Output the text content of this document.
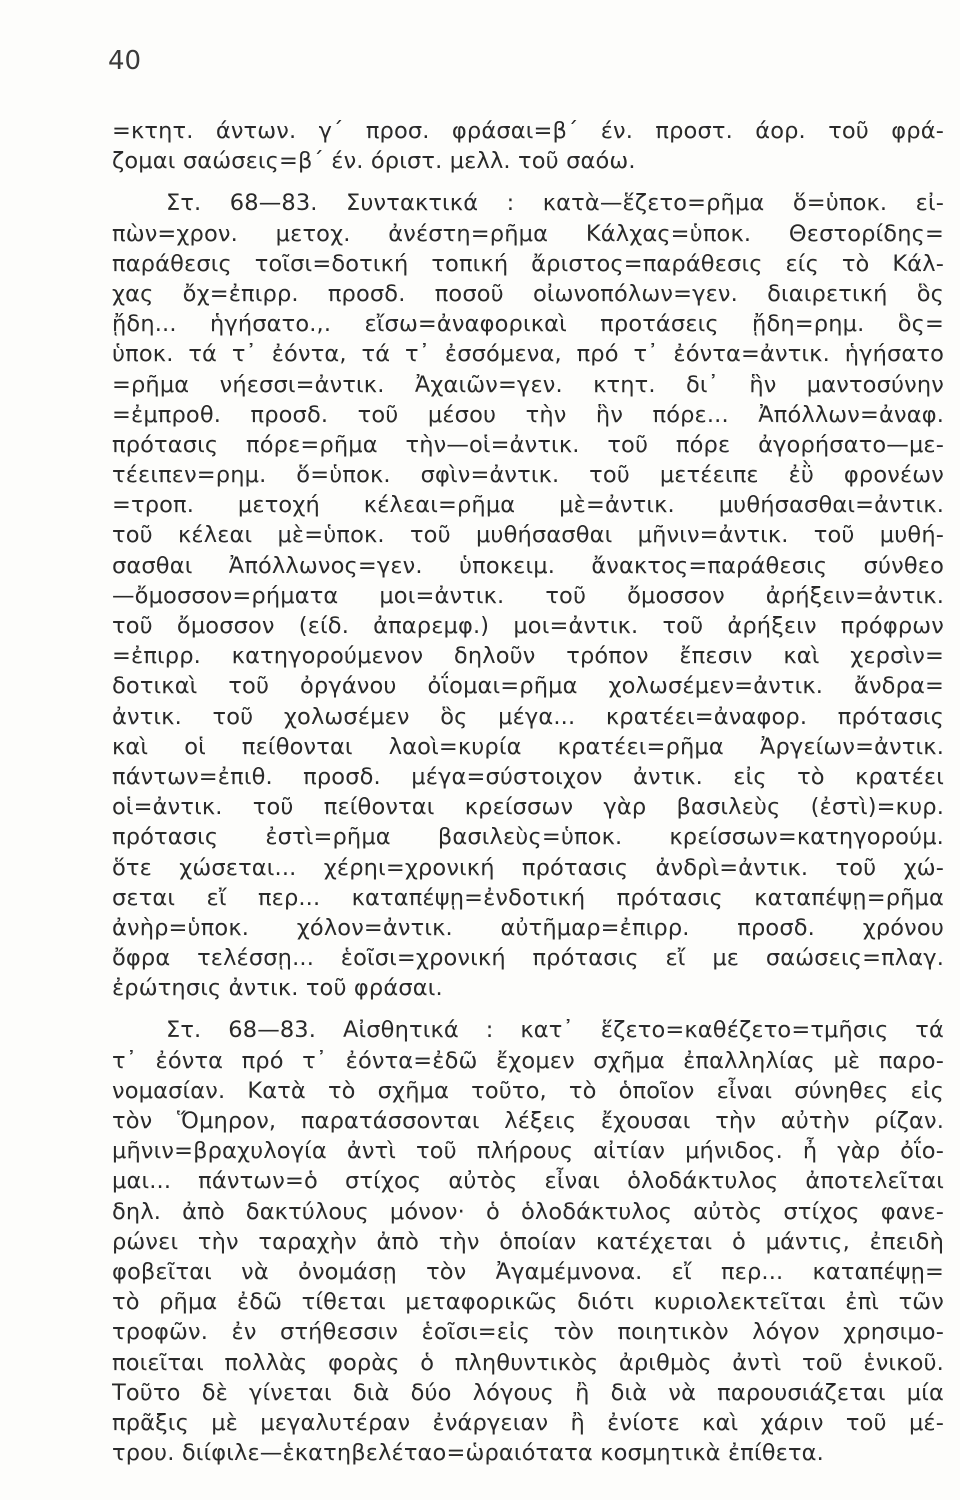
40
=κτητ. άντων. γ΄ προσ. φράσαι=β΄ έν. προστ. άορ. τοῦ φρά-
ζομαι σαώσεις=β΄ έν. όριστ. μελλ. τοῦ σαόω.
Στ. 68—83. Συντακτικά : κατὰ—ἕζετο=ρῆμα ὅ=ὑποκ. εἰ-
πὼν=χρον. μετοχ. ἀνέστη=ρῆμα Κάλχας=ὑποκ. Θεστορίδης=
παράθεσις τοῖσι=δοτική τοπική ἄριστος=παράθεσις είς τὸ Κάλ-
χας ὄχ=ἐπιρρ. προσδ. ποσοῦ οἰωνοπόλων=γεν. διαιρετική ὃς
ᾔδη... ἡγήσατο.,. εἴσω=ἀναφορικαὶ προτάσεις ᾔδη=ρημ. ὃς=
ὑποκ. τά τ᾽ ἐόντα, τά τ᾽ ἐσσόμενα, πρό τ᾽ ἐόντα=ἀντικ. ἡγήσατο
=ρῆμα νήεσσι=ἀντικ. Ἀχαιῶν=γεν. κτητ. δι᾽ ἣν μαντοσύνην
=ἐμπροθ. προσδ. τοῦ μέσου τὴν ἣν πόρε... Ἀπόλλων=ἀναφ.
πρότασις πόρε=ρῆμα τὴν—οἱ=ἀντικ. τοῦ πόρε ἀγορήσατο—με-
τέειπεν=ρημ. ὅ=ὑποκ. σφὶν=ἀντικ. τοῦ μετέειπε ἐῢ φρονέων
=τροπ. μετοχή κέλεαι=ρῆμα μὲ=ἀντικ. μυθήσασθαι=ἀντικ.
τοῦ κέλεαι μὲ=ὑποκ. τοῦ μυθήσασθαι μῆνιν=ἀντικ. τοῦ μυθή-
σασθαι Ἀπόλλωνος=γεν. ὑποκειμ. ἄνακτος=παράθεσις σύνθεο
—ὄμοσσον=ρήματα μοι=ἀντικ. τοῦ ὄμοσσον ἀρήξειν=ἀντικ.
τοῦ ὄμοσσον (είδ. ἀπαρεμφ.) μοι=ἀντικ. τοῦ ἀρήξειν πρόφρων
=ἐπιρρ. κατηγορούμενον δηλοῦν τρόπον ἔπεσιν καὶ χερσὶν=
δοτικαὶ τοῦ ὀργάνου ὀΐομαι=ρῆμα χολωσέμεν=ἀντικ. ἄνδρα=
ἀντικ. τοῦ χολωσέμεν ὃς μέγα... κρατέει=ἀναφορ. πρότασις
καὶ οἱ πείθονται λαοὶ=κυρία κρατέει=ρῆμα Ἀργείων=ἀντικ.
πάντων=ἐπιθ. προσδ. μέγα=σύστοιχον ἀντικ. εἰς τὸ κρατέει
οἱ=ἀντικ. τοῦ πείθονται κρείσσων γὰρ βασιλεὺς (ἐστὶ)=κυρ.
πρότασις ἐστὶ=ρῆμα βασιλεὺς=ὑποκ. κρείσσων=κατηγορούμ.
ὅτε χώσεται... χέρηι=χρονική πρότασις ἀνδρὶ=ἀντικ. τοῦ χώ-
σεται εἴ περ... καταπέψῃ=ἐνδοτική πρότασις καταπέψῃ=ρῆμα
ἀνὴρ=ὑποκ. χόλον=ἀντικ. αὐτῆμαρ=ἐπιρρ. προσδ. χρόνου
ὄφρα τελέσσῃ... ἑοῖσι=χρονική πρότασις εἴ με σαώσεις=πλαγ.
ἐρώτησις ἀντικ. τοῦ φράσαι.
Στ. 68—83. Αἰσθητικά : κατ᾽ ἕζετο=καθέζετο=τμῆσις τά
τ᾽ ἐόντα πρό τ᾽ ἐόντα=ἐδῶ ἔχομεν σχῆμα ἐπαλληλίας μὲ παρο-
νομασίαν. Κατὰ τὸ σχῆμα τοῦτο, τὸ ὁποῖον εἶναι σύνηθες εἰς
τὸν Ὅμηρον, παρατάσσονται λέξεις ἔχουσαι τὴν αὐτὴν ρίζαν.
μῆνιν=βραχυλογία ἀντὶ τοῦ πλήρους αἰτίαν μήνιδος. ἦ γὰρ ὀΐο-
μαι... πάντων=ὁ στίχος αὐτὸς εἶναι ὁλοδάκτυλος ἀποτελεῖται
δηλ. ἀπὸ δακτύλους μόνον· ὁ ὁλοδάκτυλος αὐτὸς στίχος φανε-
ρώνει τὴν ταραχὴν ἀπὸ τὴν ὁποίαν κατέχεται ὁ μάντις, ἐπειδὴ
φοβεῖται νὰ ὀνομάσῃ τὸν Ἀγαμέμνονα. εἴ περ... καταπέψῃ=
τὸ ρῆμα ἐδῶ τίθεται μεταφορικῶς διότι κυριολεκτεῖται ἐπὶ τῶν
τροφῶν. ἐν στήθεσσιν ἑοῖσι=εἰς τὸν ποιητικὸν λόγον χρησιμο-
ποιεῖται πολλὰς φορὰς ὁ πληθυντικὸς ἀριθμὸς ἀντὶ τοῦ ἑνικοῦ.
Τοῦτο δὲ γίνεται διὰ δύο λόγους ἢ διὰ νὰ παρουσιάζεται μία
πρᾶξις μὲ μεγαλυτέραν ἐνάργειαν ἢ ἐνίοτε καὶ χάριν τοῦ μέ-
τρου. διίφιλε—ἑκατηβελέταο=ὡραιότατα κοσμητικὰ ἐπίθετα.
